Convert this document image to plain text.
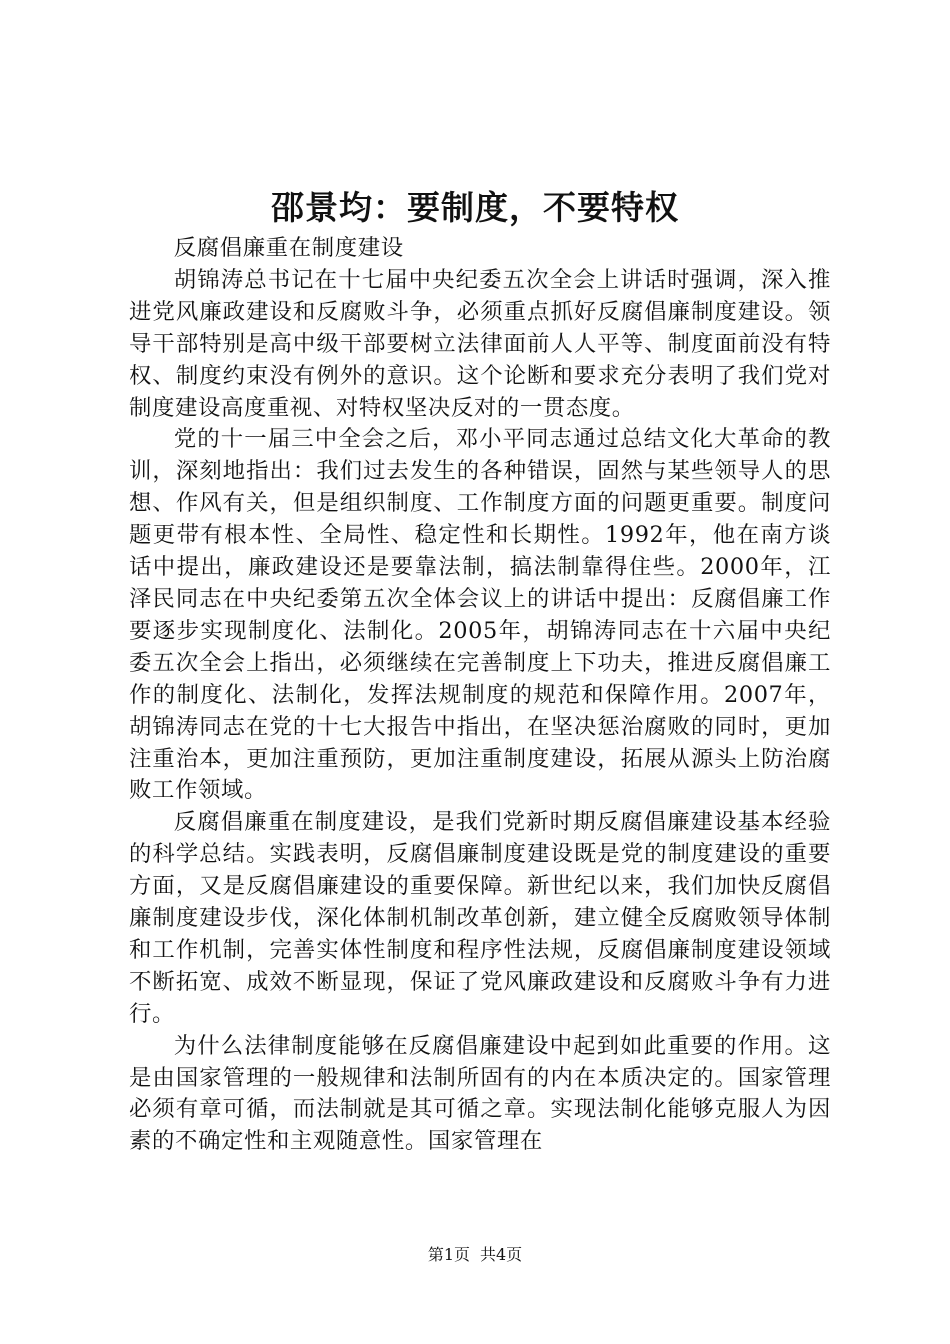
邵景均：要制度，不要特权

反腐倡廉重在制度建设

胡锦涛总书记在十七届中央纪委五次全会上讲话时强调，深入推进党风廉政建设和反腐败斗争，必须重点抓好反腐倡廉制度建设。领导干部特别是高中级干部要树立法律面前人人平等、制度面前没有特权、制度约束没有例外的意识。这个论断和要求充分表明了我们党对制度建设高度重视、对特权坚决反对的一贯态度。

党的十一届三中全会之后，邓小平同志通过总结文化大革命的教训，深刻地指出：我们过去发生的各种错误，固然与某些领导人的思想、作风有关，但是组织制度、工作制度方面的问题更重要。制度问题更带有根本性、全局性、稳定性和长期性。1992年，他在南方谈话中提出，廉政建设还是要靠法制，搞法制靠得住些。2000年，江泽民同志在中央纪委第五次全体会议上的讲话中提出：反腐倡廉工作要逐步实现制度化、法制化。2005年，胡锦涛同志在十六届中央纪委五次全会上指出，必须继续在完善制度上下功夫，推进反腐倡廉工作的制度化、法制化，发挥法规制度的规范和保障作用。2007年，胡锦涛同志在党的十七大报告中指出，在坚决惩治腐败的同时，更加注重治本，更加注重预防，更加注重制度建设，拓展从源头上防治腐败工作领域。

反腐倡廉重在制度建设，是我们党新时期反腐倡廉建设基本经验的科学总结。实践表明，反腐倡廉制度建设既是党的制度建设的重要方面，又是反腐倡廉建设的重要保障。新世纪以来，我们加快反腐倡廉制度建设步伐，深化体制机制改革创新，建立健全反腐败领导体制和工作机制，完善实体性制度和程序性法规，反腐倡廉制度建设领域不断拓宽、成效不断显现，保证了党风廉政建设和反腐败斗争有力进行。

为什么法律制度能够在反腐倡廉建设中起到如此重要的作用。这是由国家管理的一般规律和法制所固有的内在本质决定的。国家管理必须有章可循，而法制就是其可循之章。实现法制化能够克服人为因素的不确定性和主观随意性。国家管理在

第1页 共4页
